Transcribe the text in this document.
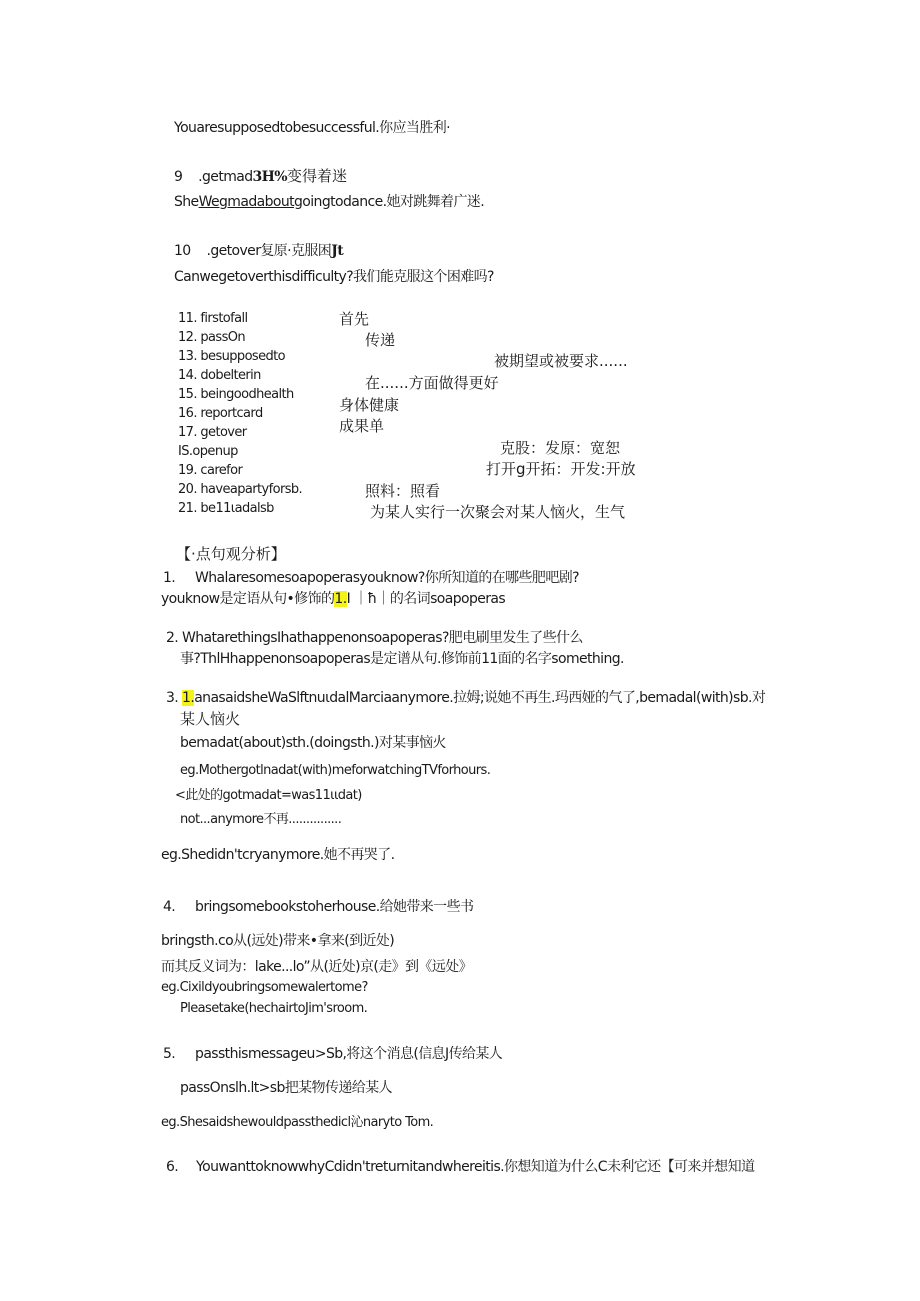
Youaresupposedtobesuccessful.你应当胜利·
9 .getmad3H%变得着迷
SheWegmadaboutgoingtodance.她对跳舞着广迷.
10 .getover复原·克服困Jt
Canwegetoverthisdifficulty?我们能克服这个困难吗?
11. firstofall
12. passOn
13. besupposedto
14. dobelterin
15. beingoodhealth
16. reportcard
17. getover
IS.openup
19. carefor
20. haveapartyforsb.
21. be11ιadalsb
首先
传递
被期望或被要求......
在......方面做得更好
身体健康
成果单
克股：发原：宽恕
打开g开拓：开发:开放
照料：照看
为某人实行一次聚会对某人恼火，生气
【·点句观分析】
1. Whalaresomesoapoperasyouknow?你所知道的在哪些肥吧剧?
youknow是定语从句•修饰的1.I ｜ħ｜的名词soapoperas
2. WhatarethingsIhathappenonsoapoperas?肥电刷里发生了些什么
事?ThlHhappenonsoapoperas是定谱从句.修饰前11面的名字something.
3. 1.anasaidsheWaSlftnuιdalMarciaanymore.拉姆;说她不再生.玛西娅的气了,bemadal(with)sb.对
某人恼火
bemadat(about)sth.(doingsth.)对某事恼火
eg.Mothergotlnadat(with)meforwatchingTVforhours.
<此处的gotmadat=was11ιιdat)
not...anymore不再...............
eg.Shedidn'tcryanymore.她不再哭了.
4. bringsomebookstoherhouse.给她带来一些书
bringsth.co从(远处)带来•拿来(到近处)
而其反义词为：lake...lo”从(近处)京(走》到《远处》
eg.Cixildyoubringsomewalertome?
Pleasetake(hechairtoJim'sroom.
5. passthismessageu>Sb,将这个消息(信息J传给某人
passOnslh.lt>sb把某物传递给某人
eg.Shesaidshewouldpassthedicl沁naryto Tom.
6. YouwanttoknowwhyCdidn'treturnitandwhereitis.你想知道为什么C未利它还【可来并想知道
